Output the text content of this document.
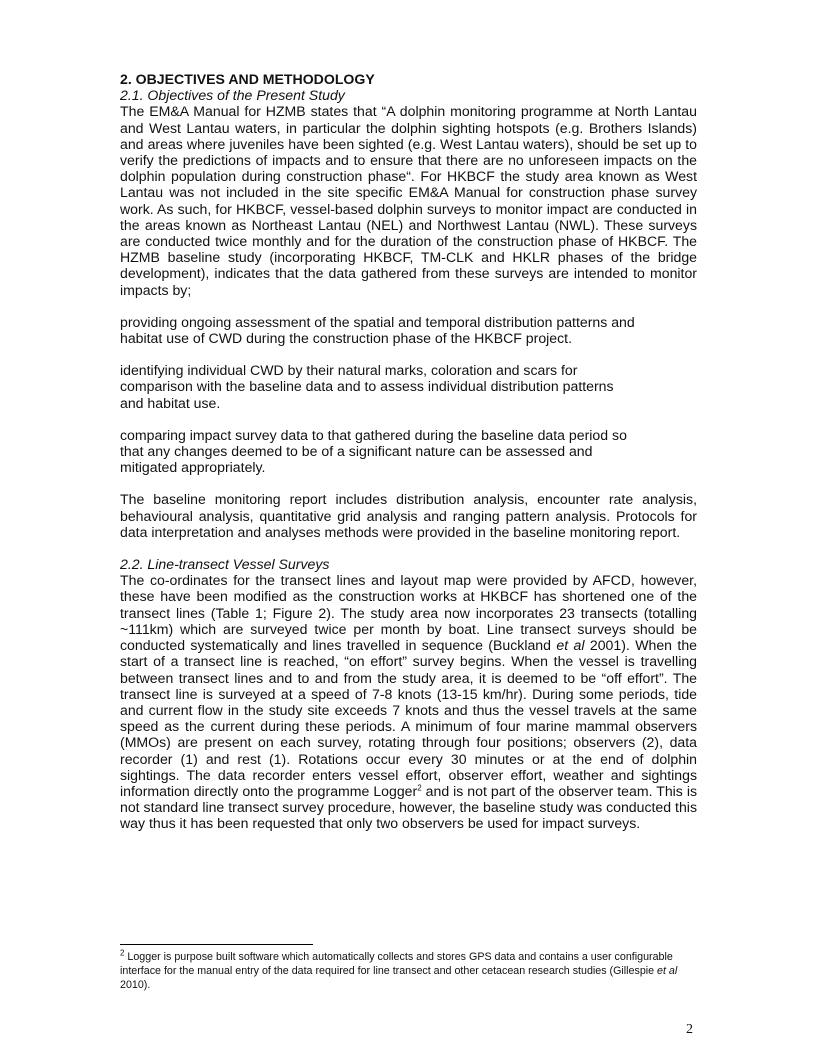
2. OBJECTIVES AND METHODOLOGY

2.1. Objectives of the Present Study

The EM&A Manual for HZMB states that “A dolphin monitoring programme at North Lantau and West Lantau waters, in particular the dolphin sighting hotspots (e.g. Brothers Islands) and areas where juveniles have been sighted (e.g. West Lantau waters), should be set up to verify the predictions of impacts and to ensure that there are no unforeseen impacts on the dolphin population during construction phase“. For HKBCF the study area known as West Lantau was not included in the site specific EM&A Manual for construction phase survey work. As such, for HKBCF, vessel-based dolphin surveys to monitor impact are conducted in the areas known as Northeast Lantau (NEL) and Northwest Lantau (NWL). These surveys are conducted twice monthly and for the duration of the construction phase of HKBCF. The HZMB baseline study (incorporating HKBCF, TM-CLK and HKLR phases of the bridge development), indicates that the data gathered from these surveys are intended to monitor impacts by;

providing ongoing assessment of the spatial and temporal distribution patterns and habitat use of CWD during the construction phase of the HKBCF project.

identifying individual CWD by their natural marks, coloration and scars for comparison with the baseline data and to assess individual distribution patterns and habitat use.

comparing impact survey data to that gathered during the baseline data period so that any changes deemed to be of a significant nature can be assessed and mitigated appropriately.

The baseline monitoring report includes distribution analysis, encounter rate analysis, behavioural analysis, quantitative grid analysis and ranging pattern analysis. Protocols for data interpretation and analyses methods were provided in the baseline monitoring report.

2.2. Line-transect Vessel Surveys

The co-ordinates for the transect lines and layout map were provided by AFCD, however, these have been modified as the construction works at HKBCF has shortened one of the transect lines (Table 1; Figure 2). The study area now incorporates 23 transects (totalling ~111km) which are surveyed twice per month by boat. Line transect surveys should be conducted systematically and lines travelled in sequence (Buckland et al 2001). When the start of a transect line is reached, “on effort” survey begins. When the vessel is travelling between transect lines and to and from the study area, it is deemed to be “off effort”. The transect line is surveyed at a speed of 7-8 knots (13-15 km/hr). During some periods, tide and current flow in the study site exceeds 7 knots and thus the vessel travels at the same speed as the current during these periods. A minimum of four marine mammal observers (MMOs) are present on each survey, rotating through four positions; observers (2), data recorder (1) and rest (1). Rotations occur every 30 minutes or at the end of dolphin sightings. The data recorder enters vessel effort, observer effort, weather and sightings information directly onto the programme Logger$^2$ and is not part of the observer team. This is not standard line transect survey procedure, however, the baseline study was conducted this way thus it has been requested that only two observers be used for impact surveys.

$^2$ Logger is purpose built software which automatically collects and stores GPS data and contains a user configurable interface for the manual entry of the data required for line transect and other cetacean research studies (Gillespie et al 2010).

2
